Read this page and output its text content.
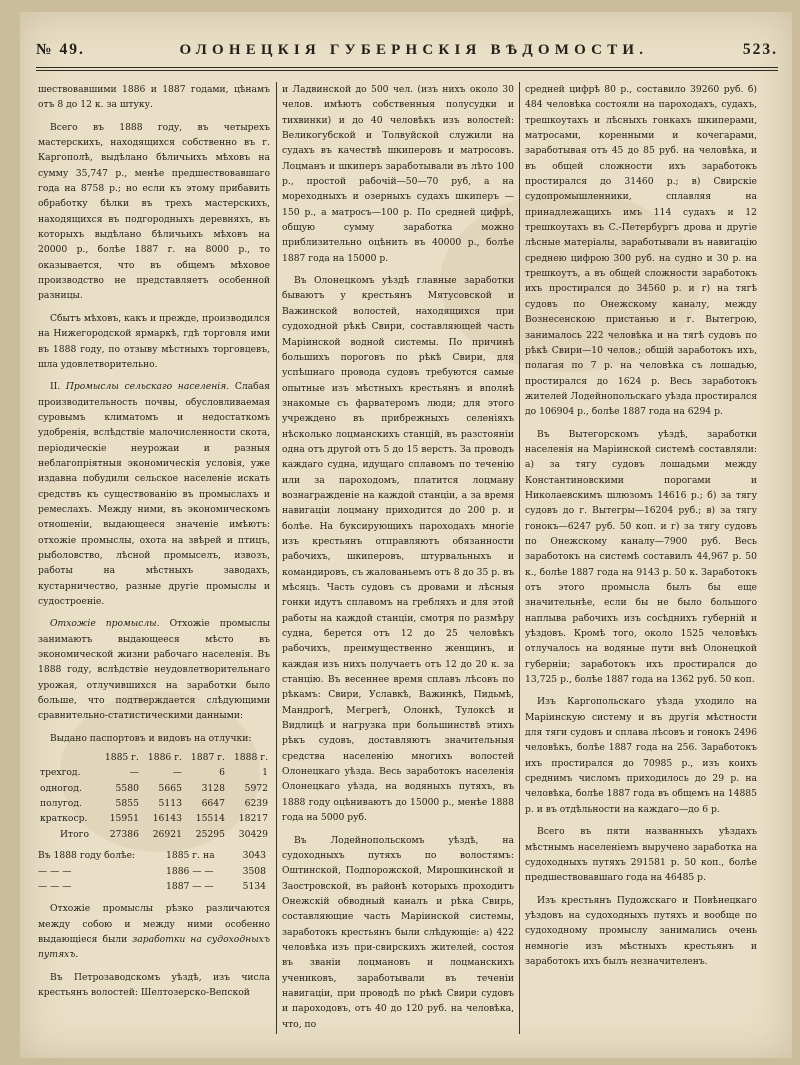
№ 49.	ОЛОНЕЦКІЯ ГУБЕРНСКІЯ ВѢДОМОСТИ.	523.

шествовавшими 1886 и 1887 годами, цѣнамъ отъ 8 до 12 к. за штуку.

Всего въ 1888 году, въ четырехъ мастерскихъ, находящихся собственно въ г. Каргополѣ, выдѣлано бѣличьихъ мѣховъ на сумму 35,747 р., менѣе предшествовавшаго года на 8758 р.; но если къ этому прибавить обработку бѣлки въ трехъ мастерскихъ, находящихся въ подгородныхъ деревняхъ, въ которыхъ выдѣлано бѣличьихъ мѣховъ на 20000 р., болѣе 1887 г. на 8000 р., то оказывается, что въ общемъ мѣховое производство не представляетъ особенной разницы.

Сбытъ мѣховъ, какъ и прежде, производился на Нижегородской ярмаркѣ, гдѣ торговля ими въ 1888 году, по отзыву мѣстныхъ торговцевъ, шла удовлетворительно.

II. Промыслы сельскаго населенія. Слабая производительность почвы, обусловливаемая суровымъ климатомъ и недостаткомъ удобренія, вслѣдствіе малочисленности скота, періодическіе неурожаи и разныя неблагопріятныя экономическія условія, уже издавна побудили сельское населеніе искать средствъ къ существованію въ промыслахъ и ремеслахъ. Между ними, въ экономическомъ отношеніи, выдающееся значеніе имѣютъ: отхожіе промыслы, охота на звѣрей и птицъ, рыболовство, лѣсной промыселъ, извозъ, работы на мѣстныхъ заводахъ, кустарничество, разные другіе промыслы и судостроеніе.

Отхожіе промыслы. Отхожіе промыслы занимаютъ выдающееся мѣсто въ экономической жизни рабочаго населенія. Въ 1888 году, вслѣдствіе неудовлетворительнаго урожая, отлучившихся на заработки было больше, что подтверждается слѣдующими сравнительно-статистическими данными:

Выдано паспортовъ и видовъ на отлучки:

	1885 г.	1886 г.	1887 г.	1888 г.
трехгод.	—	—	6	1
одногод.	5580	5665	3128	5972
полугод.	5855	5113	6647	6239
краткоср.	15951	16143	15514	18217
Итого	27386	26921	25295	30429
Въ 1888 году болѣе:	1885 г. на	3043
— — —	1886 — —	3508
— — —	1887 — —	5134

Отхожіе промыслы рѣзко различаются между собою и между ними особенно выдающіеся были заработки на судоходныхъ путяхъ.

Въ Петрозаводскомъ уѣздѣ, изъ числа крестьянъ волостей: Шелтозерско-Вепской

и Ладвинской до 500 чел. (изъ нихъ около 30 челов. имѣютъ собственныя полусудки и тихвинки) и до 40 человѣкъ изъ волостей: Великогубской и Толвуйской служили на судахъ въ качествѣ шкиперовъ и матросовъ. Лоцманъ и шкиперъ заработывали въ лѣто 100 р., простой рабочій—50—70 руб, а на мореходныхъ и озерныхъ судахъ шкиперъ —150 р., а матросъ—100 р. По средней цифрѣ, общую сумму заработка можно приблизительно оцѣнить въ 40000 р., болѣе 1887 года на 15000 р.

Въ Олонецкомъ уѣздѣ главные заработки бываютъ у крестьянъ Мятусовской и Важинской волостей, находящихся при судоходной рѣкѣ Свири, составляющей часть Маріинской водной системы. По причинѣ большихъ пороговъ по рѣкѣ Свири, для успѣшнаго провода судовъ требуются самые опытные изъ мѣстныхъ крестьянъ и вполнѣ знакомые съ фарватеромъ люди; для этого учреждено въ прибрежныхъ селеніяхъ нѣсколько лоцманскихъ станцій, въ разстояніи одна отъ другой отъ 5 до 15 верстъ. За проводъ каждаго судна, идущаго сплавомъ по теченію или за пароходомъ, платится лоцману вознагражденіе на каждой станціи, а за время навигаціи лоцману приходится до 200 р. и болѣе. На буксирующихъ пароходахъ многіе изъ крестьянъ отправляютъ обязанности рабочихъ, шкиперовъ, штурвальныхъ и командировъ, съ жалованьемъ отъ 8 до 35 р. въ мѣсяцъ. Часть судовъ съ дровами и лѣсныя гонки идутъ сплавомъ на гребляхъ и для этой работы на каждой станціи, смотря по размѣру судна, берется отъ 12 до 25 человѣкъ рабочихъ, преимущественно женщинъ, и каждая изъ нихъ получаетъ отъ 12 до 20 к. за станцію. Въ весеннее время сплавъ лѣсовъ по рѣкамъ: Свири, Уславкѣ, Важинкѣ, Пидьмѣ, Мандрогѣ, Мегрегѣ, Олонкѣ, Тулоксѣ и Видлицѣ и нагрузка при большинствѣ этихъ рѣкъ судовъ, доставляютъ значительныя средства населенію многихъ волостей Олонецкаго уѣзда. Весь заработокъ населенія Олонецкаго уѣзда, на водяныхъ путяхъ, въ 1888 году оцѣниваютъ до 15000 р., менѣе 1888 года на 5000 руб.

Въ Лодейнопольскомъ уѣздѣ, на судоходныхъ путяхъ по волостямъ: Оштинской, Подпорожской, Мирошкинской и Заостровской, въ районѣ которыхъ проходитъ Онежскій обводный каналъ и рѣка Свирь, составляющие часть Маріинской системы, заработокъ крестьянъ были слѣдующіе: а) 422 человѣка изъ при-свирскихъ жителей, состоя въ званіи лоцмановъ и лоцманскихъ учениковъ, заработывали въ теченіи навигаціи, при проводѣ по рѣкѣ Свири судовъ и пароходовъ, отъ 40 до 120 руб. на человѣка, что, по

средней цифрѣ 80 р., составило 39260 руб. б) 484 человѣка состояли на пароходахъ, судахъ, трешкоутахъ и лѣсныхъ гонкахъ шкиперами, матросами, коренными и кочегарами, заработывая отъ 45 до 85 руб. на человѣка, и въ общей сложности ихъ заработокъ простирался до 31460 р.; в) Свирскіе судопромышленники, сплавляя на принадлежащихъ имъ 114 судахъ и 12 трешкоутахъ въ С.-Петербургъ дрова и другіе лѣсные матеріалы, заработывали въ навигацію среднею цифрою 300 руб. на судно и 30 р. на трешкоутъ, а въ общей сложности заработокъ ихъ простирался до 34560 р. и г) на тягѣ судовъ по Онежскому каналу, между Вознесенскою пристанью и г. Вытегрою, занималось 222 человѣка и на тягѣ судовъ по рѣкѣ Свири—10 челов.; общій заработокъ ихъ, полагая по 7 р. на человѣка съ лошадью, простирался до 1624 р. Весь заработокъ жителей Лодейнопольскаго уѣзда простирался до 106904 р., болѣе 1887 года на 6294 р.

Въ Вытегорскомъ уѣздѣ, заработки населенія на Маріинской системѣ составляли: а) за тягу судовъ лошадьми между Константиновскими порогами и Николаевскимъ шлюзомъ 14616 р.; б) за тягу судовъ до г. Вытегры—16204 руб.; в) за тягу гонокъ—6247 руб. 50 коп. и г) за тягу судовъ по Онежскому каналу—7900 руб. Весь заработокъ на системѣ составилъ 44,967 р. 50 к., болѣе 1887 года на 9143 р. 50 к. Заработокъ отъ этого промысла былъ бы еще значительнѣе, если бы не было большого наплыва рабочихъ изъ сосѣднихъ губерній и уѣздовъ. Кромѣ того, около 1525 человѣкъ отлучалось на водяные пути внѣ Олонецкой губерніи; заработокъ ихъ простирался до 13,725 р., болѣе 1887 года на 1362 руб. 50 коп.

Изъ Каргопольскаго уѣзда уходило на Маріинскую систему и въ другія мѣстности для тяги судовъ и сплава лѣсовъ и гонокъ 2496 человѣкъ, болѣе 1887 года на 256. Заработокъ ихъ простирался до 70985 р., изъ коихъ среднимъ числомъ приходилось до 29 р. на человѣка, болѣе 1887 года въ общемъ на 14885 р. и въ отдѣльности на каждаго—до 6 р.

Всего въ пяти названныхъ уѣздахъ мѣстнымъ населеніемъ выручено заработка на судоходныхъ путяхъ 291581 р. 50 коп., болѣе предшествовавшаго года на 46485 р.

Изъ крестьянъ Пудожскаго и Повѣнецкаго уѣздовъ на судоходныхъ путяхъ и вообще по судоходному промыслу занимались очень немногіе изъ мѣстныхъ крестьянъ и заработокъ ихъ былъ незначителенъ.
